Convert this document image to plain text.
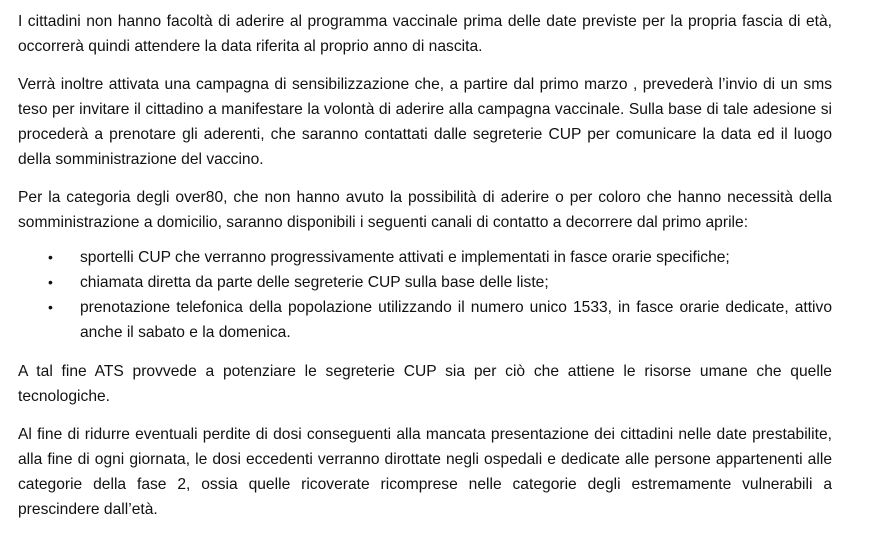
I cittadini non hanno facoltà di aderire al programma vaccinale prima delle date previste per la propria fascia di età, occorrerà quindi attendere la data riferita al proprio anno di nascita.

Verrà inoltre attivata una campagna di sensibilizzazione che, a partire dal primo marzo , prevederà l’invio di un sms teso per invitare il cittadino a manifestare la volontà di aderire alla campagna vaccinale. Sulla base di tale adesione si procederà a prenotare gli aderenti, che saranno contattati dalle segreterie CUP per comunicare la data ed il luogo della somministrazione del vaccino.

Per la categoria degli over80, che non hanno avuto la possibilità di aderire o per coloro che hanno necessità della somministrazione a domicilio, saranno disponibili i seguenti canali di contatto a decorrere dal primo aprile:

• sportelli CUP che verranno progressivamente attivati e implementati in fasce orarie specifiche;
• chiamata diretta da parte delle segreterie CUP sulla base delle liste;
• prenotazione telefonica della popolazione utilizzando il numero unico 1533, in fasce orarie dedicate, attivo anche il sabato e la domenica.

A tal fine ATS provvede a potenziare le segreterie CUP sia per ciò che attiene le risorse umane che quelle tecnologiche.

Al fine di ridurre eventuali perdite di dosi conseguenti alla mancata presentazione dei cittadini nelle date prestabilite, alla fine di ogni giornata, le dosi eccedenti verranno dirottate negli ospedali e dedicate alle persone appartenenti alle categorie della fase 2, ossia quelle ricoverate ricomprese nelle categorie degli estremamente vulnerabili a prescindere dall’età.
